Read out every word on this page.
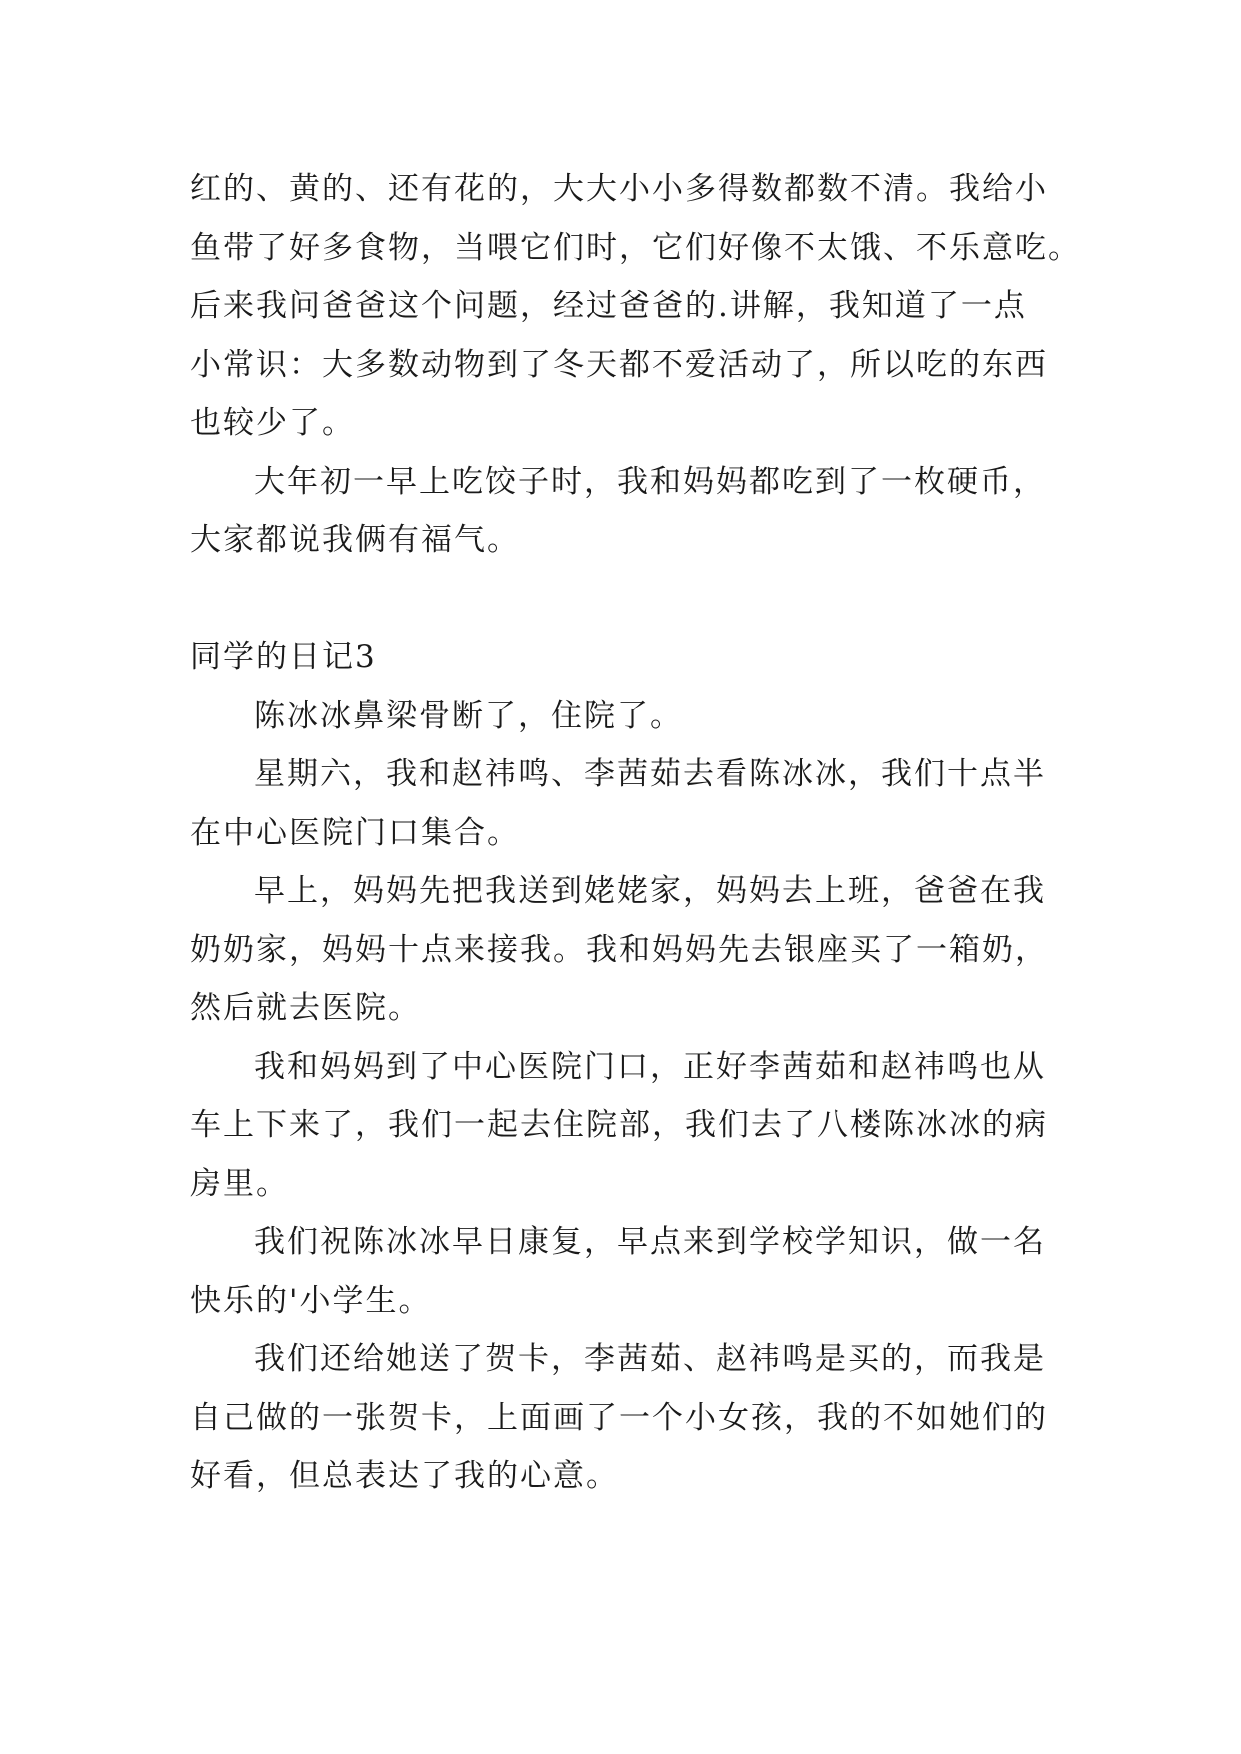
红的、黄的、还有花的，大大小小多得数都数不清。我给小
鱼带了好多食物，当喂它们时，它们好像不太饿、不乐意吃。
后来我问爸爸这个问题，经过爸爸的.讲解，我知道了一点
小常识：大多数动物到了冬天都不爱活动了，所以吃的东西
也较少了。
大年初一早上吃饺子时，我和妈妈都吃到了一枚硬币，
大家都说我俩有福气。
同学的日记3
陈冰冰鼻梁骨断了，住院了。
星期六，我和赵祎鸣、李茜茹去看陈冰冰，我们十点半
在中心医院门口集合。
早上，妈妈先把我送到姥姥家，妈妈去上班，爸爸在我
奶奶家，妈妈十点来接我。我和妈妈先去银座买了一箱奶，
然后就去医院。
我和妈妈到了中心医院门口，正好李茜茹和赵祎鸣也从
车上下来了，我们一起去住院部，我们去了八楼陈冰冰的病
房里。
我们祝陈冰冰早日康复，早点来到学校学知识，做一名
快乐的'小学生。
我们还给她送了贺卡，李茜茹、赵祎鸣是买的，而我是
自己做的一张贺卡，上面画了一个小女孩，我的不如她们的
好看，但总表达了我的心意。
